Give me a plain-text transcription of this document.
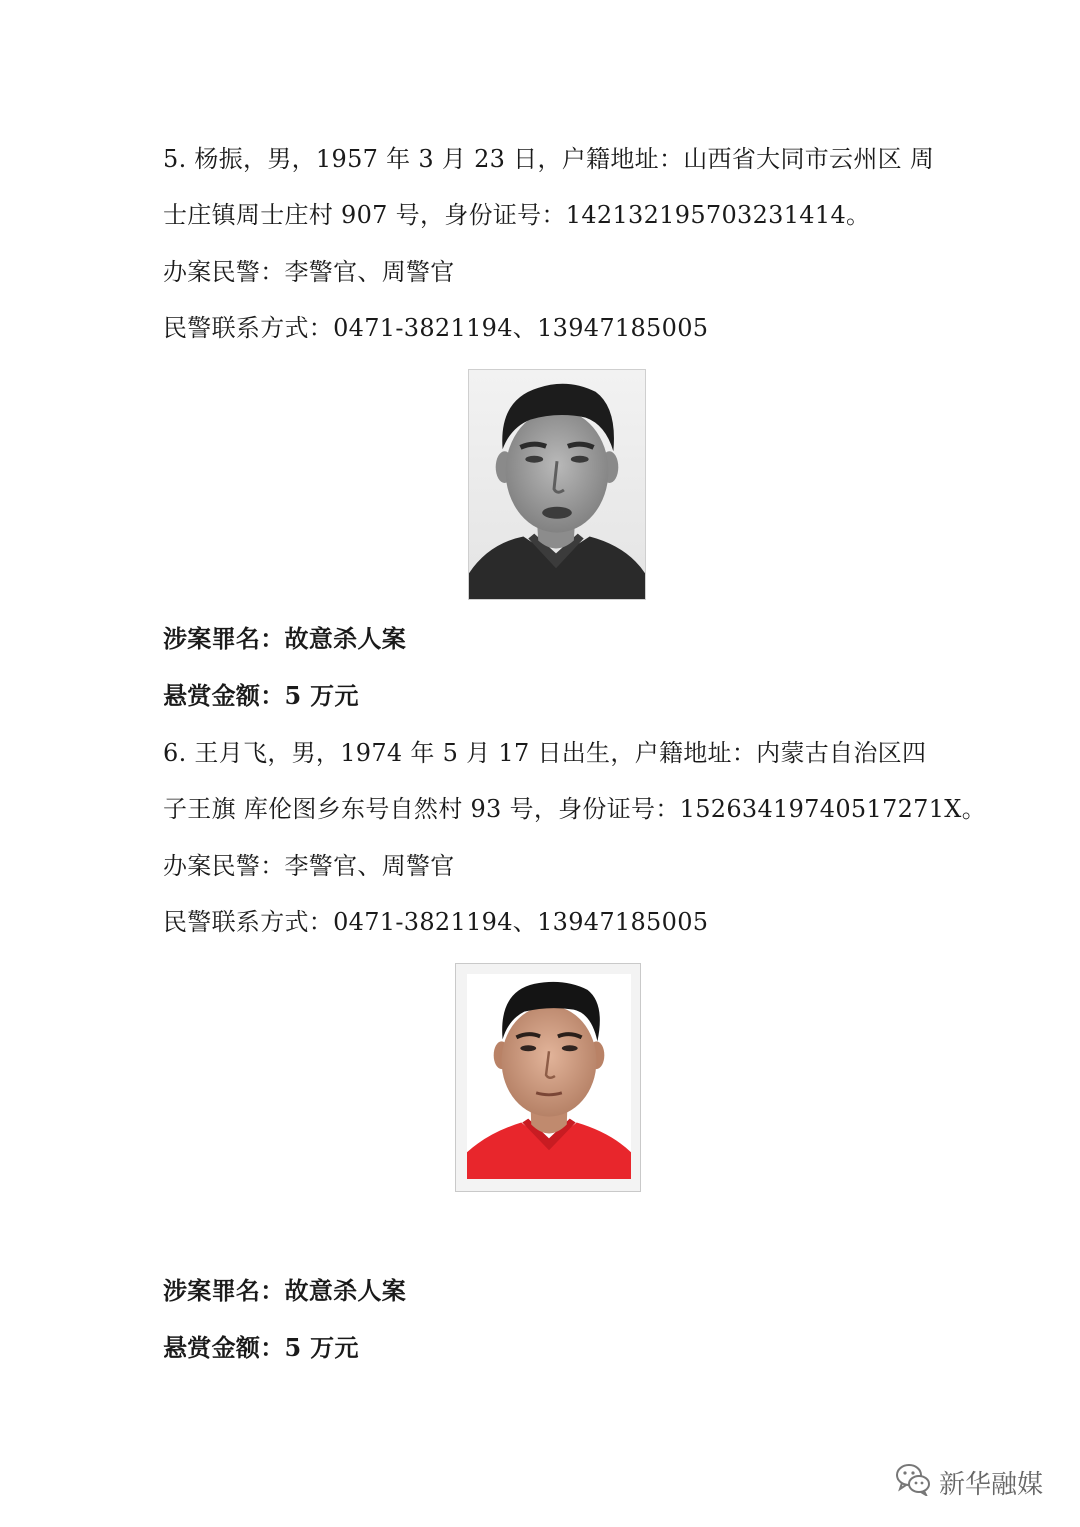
5. 杨振，男，1957 年 3 月 23 日，户籍地址：山西省大同市云州区 周
士庄镇周士庄村 907 号，身份证号：142132195703231414。
办案民警：李警官、周警官
民警联系方式：0471-3821194、13947185005
涉案罪名：故意杀人案
悬赏金额：5 万元
6. 王月飞，男，1974 年 5 月 17 日出生，户籍地址：内蒙古自治区四
子王旗 库伦图乡东号自然村 93 号，身份证号：15263419740517271X。
办案民警：李警官、周警官
民警联系方式：0471-3821194、13947185005
涉案罪名：故意杀人案
悬赏金额：5 万元
新华融媒
